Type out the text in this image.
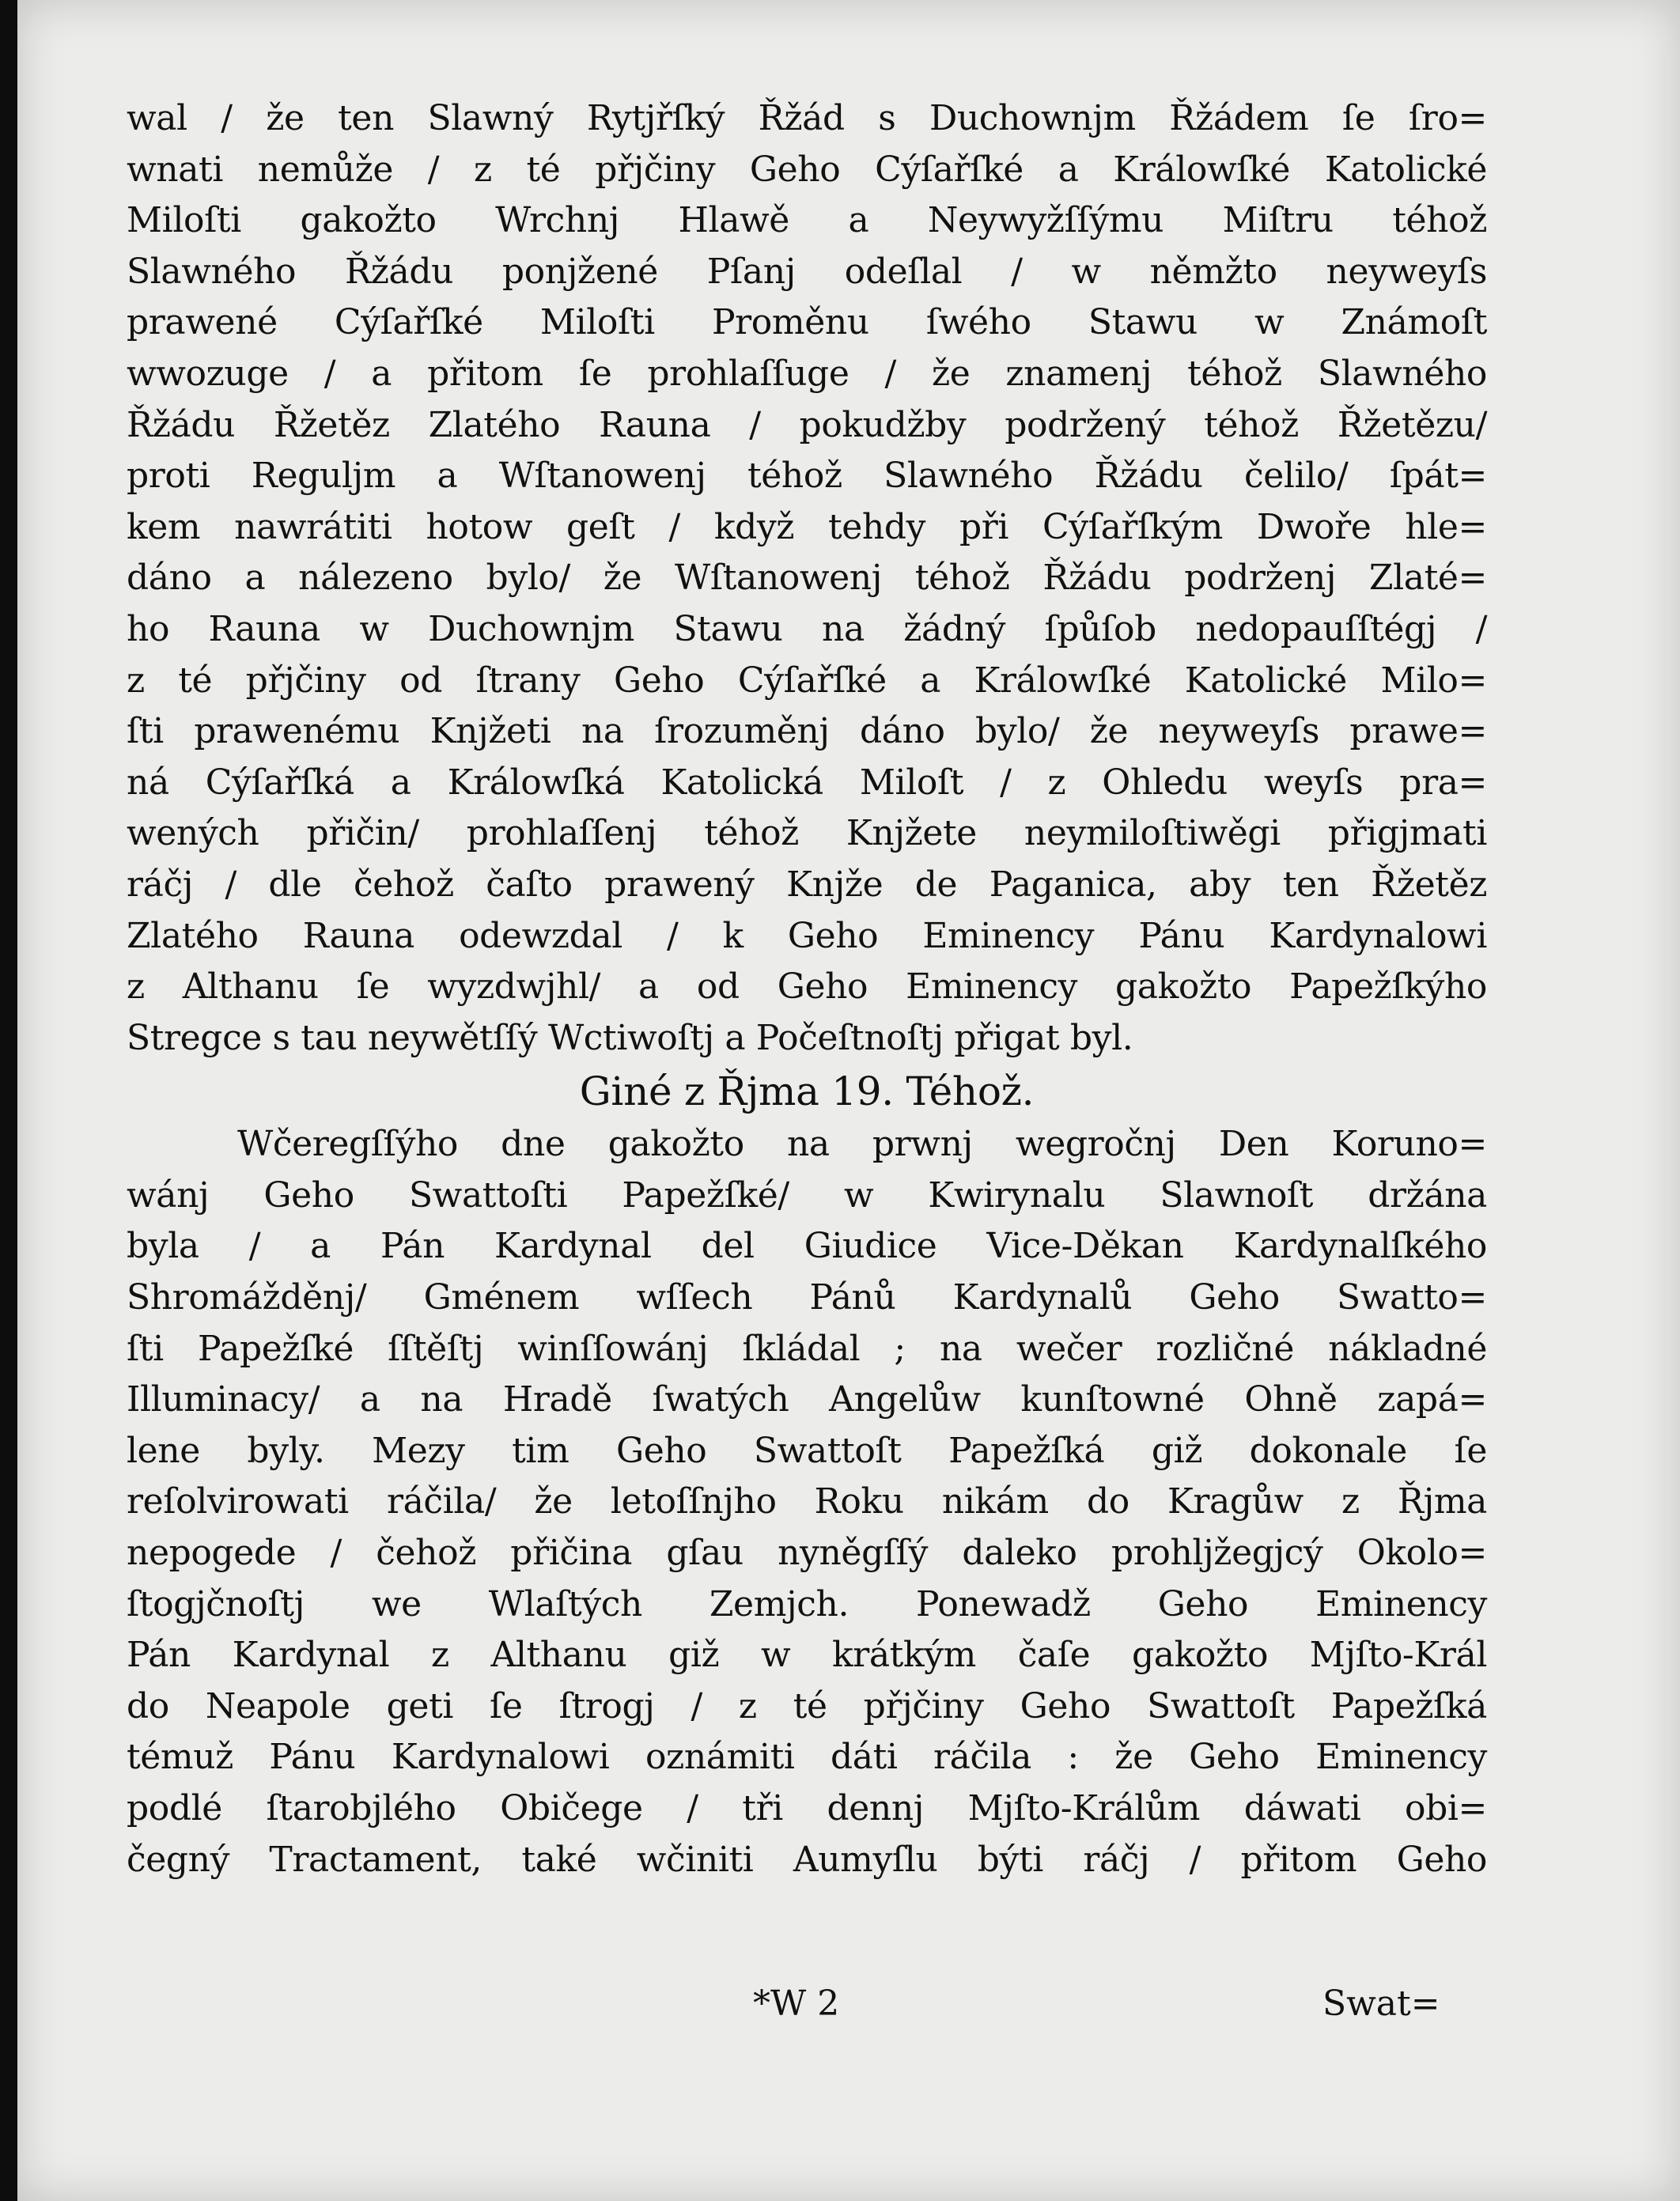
wal / že ten Slawný Rytjřſký Řžád s Duchownjm Řžádem ſe ſro=
wnati nemůže / z té přjčiny Geho Cýſařſké a Králowſké Katolické
Miloſti gakožto Wrchnj Hlawě a Neywyžſſýmu Miſtru téhož
Slawného Řžádu ponjžené Pſanj odeſlal / w němžto neyweyſs
prawené Cýſařſké Miloſti Proměnu ſwého Stawu w Známoſt
wwozuge / a přitom ſe prohlaſſuge / že znamenj téhož Slawného
Řžádu Řžetěz Zlatého Rauna / pokudžby podržený téhož Řžetězu/
proti Regulјm a Wſtanowenj téhož Slawného Řžádu čelilo/ ſpát=
kem nawrátiti hotow geſt / když tehdy při Cýſařſkým Dwoře hle=
dáno a nálezeno bylo/ že Wſtanowenj téhož Řžádu podrženj Zlaté=
ho Rauna w Duchownjm Stawu na žádný ſpůſob nedopauſſtégj /
z té přjčiny od ſtrany Geho Cýſařſké a Králowſké Katolické Milo=
ſti prawenému Knjžeti na ſrozuměnj dáno bylo/ že neyweyſs prawe=
ná Cýſařſká a Králowſká Katolická Miloſt / z Ohledu weyſs pra=
wených přičin/ prohlaſſenj téhož Knjžete neymiloſtiwěgi přigjmati
ráčj / dle čehož čaſto prawený Knjže de Paganica, aby ten Řžetěz
Zlatého Rauna odewzdal / k Geho Eminency Pánu Kardynalowi
z Althanu ſe wyzdwjhl/ a od Geho Eminency gakožto Papežſkýho
Stregce s tau neywětſſý Wctiwoſtj a Počeſtnoſtj přigat byl.
Giné z Řjma 19. Téhož.
Wčeregſſýho dne gakožto na prwnj wegročnj Den Koruno=
wánj Geho Swattoſti Papežſké/ w Kwirynalu Slawnoſt držána
byla / a Pán Kardynal del Giudice Vice-Děkan Kardynalſkého
Shromážděnj/ Gménem wſſech Pánů Kardynalů Geho Swatto=
ſti Papežſké ſſtěſtj winſſowánj ſkládal ; na wečer rozličné nákladné
Illuminacy/ a na Hradě ſwatých Angelůw kunſtowné Ohně zapá=
lene byly. Mezy tim Geho Swattoſt Papežſká giž dokonale ſe
reſolvirowati ráčila/ že letoſſnjho Roku nikám do Kragůw z Řjma
nepogede / čehož přičina gſau nyněgſſý daleko prohljžegjcý Okolo=
ſtogjčnoſtj we Wlaſtých Zemjch. Ponewadž Geho Eminency
Pán Kardynal z Althanu giž w krátkým čaſe gakožto Mjſto-Král
do Neapole geti ſe ſtrogj / z té přjčiny Geho Swattoſt Papežſká
témuž Pánu Kardynalowi oznámiti dáti ráčila : že Geho Eminency
podlé ſtarobjlého Običege / tři dennj Mjſto-Králům dáwati obi=
čegný Tractament, také wčiniti Aumyſlu býti ráčj / přitom Geho
*W 2	Swat=
